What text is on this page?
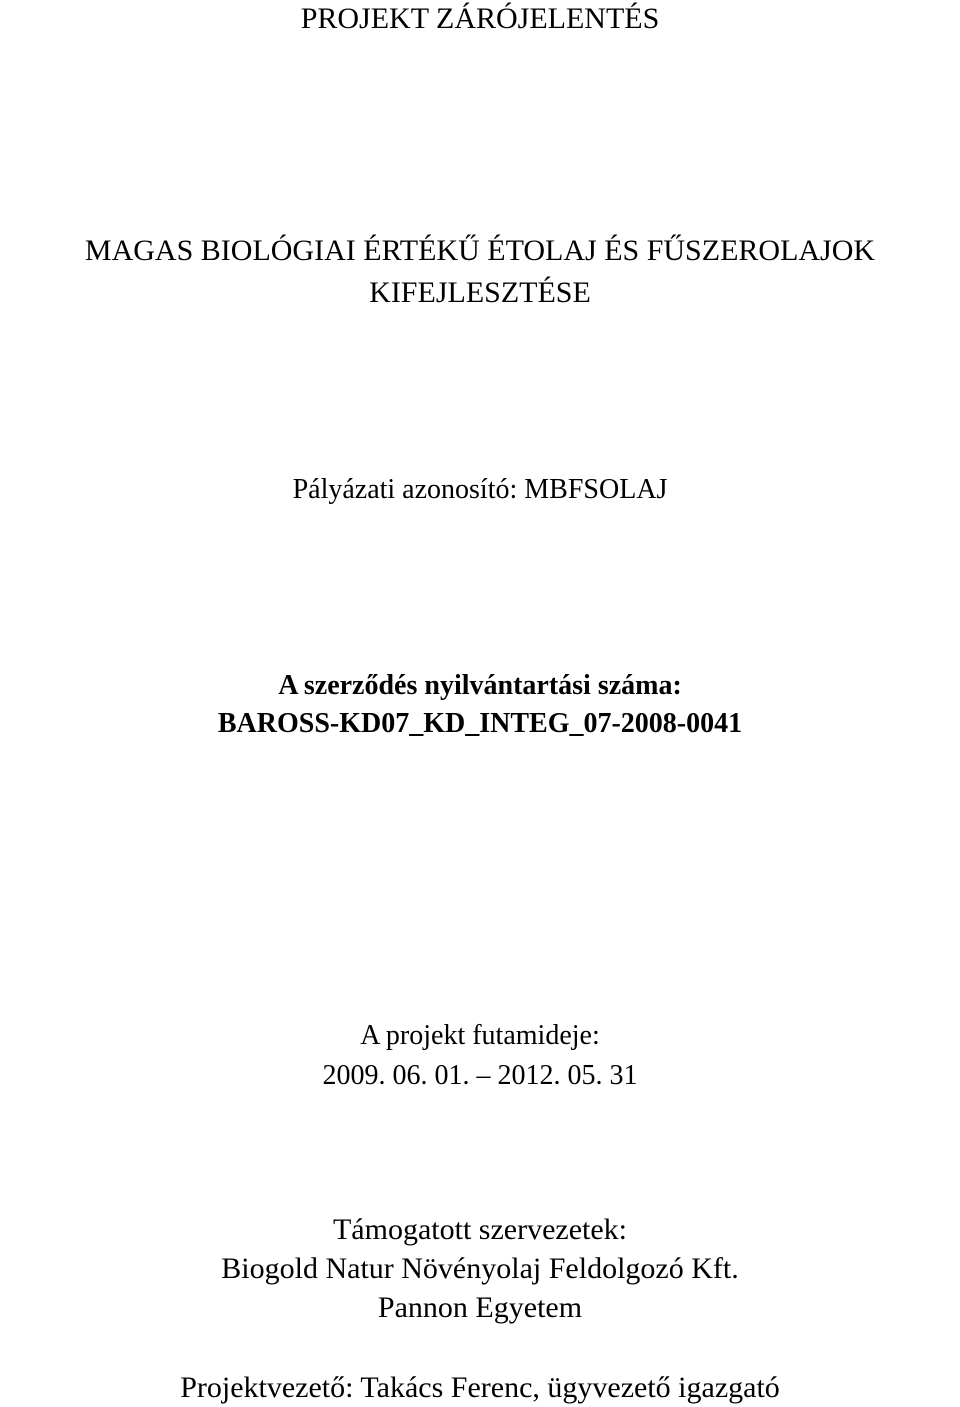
PROJEKT ZÁRÓJELENTÉS
MAGAS BIOLÓGIAI ÉRTÉKŰ ÉTOLAJ ÉS FŰSZEROLAJOK
KIFEJLESZTÉSE
Pályázati azonosító: MBFSOLAJ
A szerződés nyilvántartási száma:
BAROSS-KD07_KD_INTEG_07-2008-0041
A projekt futamideje:
2009. 06. 01. – 2012. 05. 31
Támogatott szervezetek:
Biogold Natur Növényolaj Feldolgozó Kft.
Pannon Egyetem
Projektvezető: Takács Ferenc, ügyvezető igazgató
